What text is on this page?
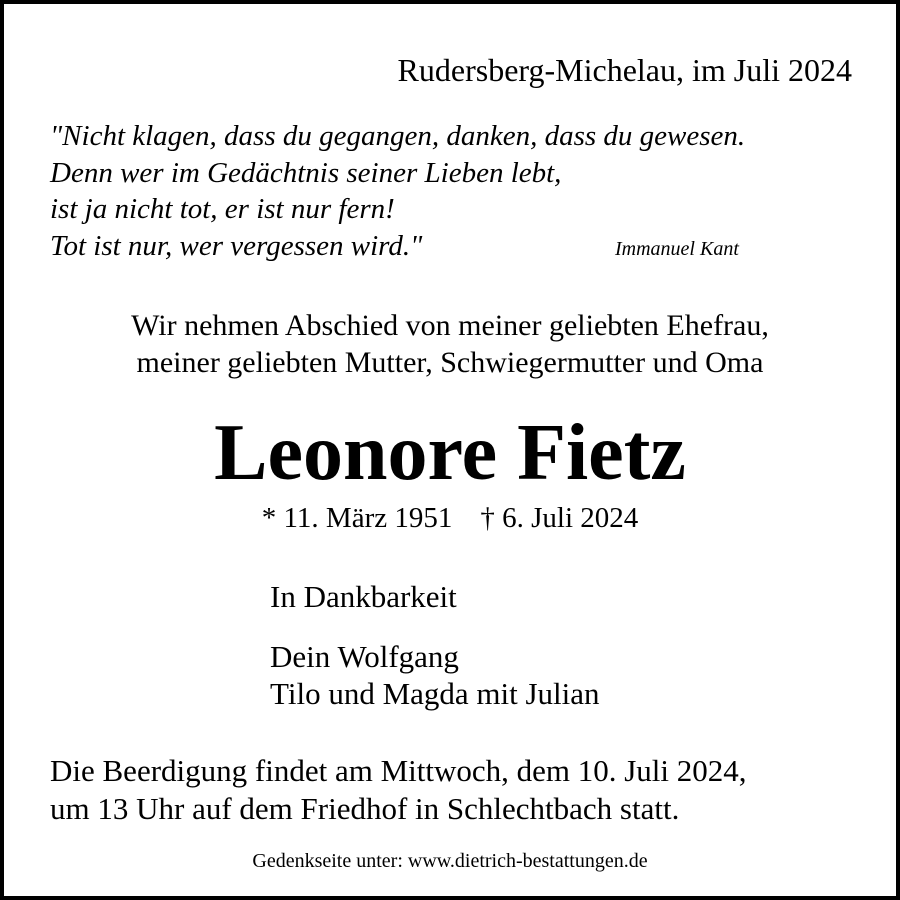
Rudersberg-Michelau, im Juli 2024
"Nicht klagen, dass du gegangen, danken, dass du gewesen.
Denn wer im Gedächtnis seiner Lieben lebt,
ist ja nicht tot, er ist nur fern!
Tot ist nur, wer vergessen wird."	Immanuel Kant
Wir nehmen Abschied von meiner geliebten Ehefrau,
meiner geliebten Mutter, Schwiegermutter und Oma
Leonore Fietz
* 11. März 1951 † 6. Juli 2024
In Dankbarkeit
Dein Wolfgang
Tilo und Magda mit Julian
Die Beerdigung findet am Mittwoch, dem 10. Juli 2024,
um 13 Uhr auf dem Friedhof in Schlechtbach statt.
Gedenkseite unter: www.dietrich-bestattungen.de
